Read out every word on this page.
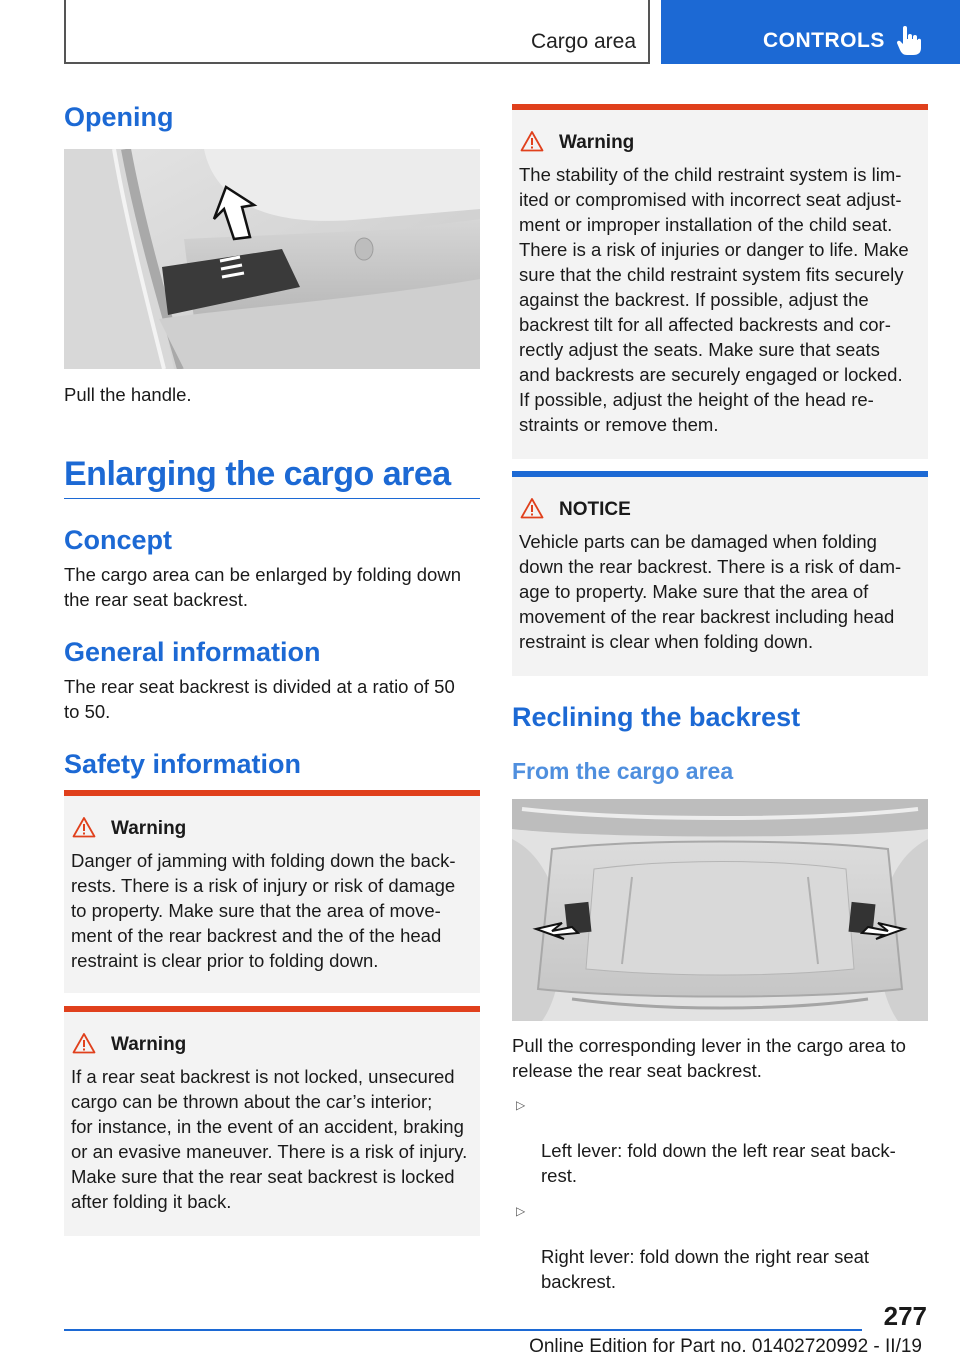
Cargo area	CONTROLS
Opening
Pull the handle.
Enlarging the cargo area
Concept
The cargo area can be enlarged by folding down
the rear seat backrest.
General information
The rear seat backrest is divided at a ratio of 50
to 50.
Safety information
Warning
Danger of jamming with folding down the back-
rests. There is a risk of injury or risk of damage
to property. Make sure that the area of move-
ment of the rear backrest and the of the head
restraint is clear prior to folding down.
Warning
If a rear seat backrest is not locked, unsecured
cargo can be thrown about the car’s interior;
for instance, in the event of an accident, braking
or an evasive maneuver. There is a risk of injury.
Make sure that the rear seat backrest is locked
after folding it back.
Warning
The stability of the child restraint system is lim-
ited or compromised with incorrect seat adjust-
ment or improper installation of the child seat.
There is a risk of injuries or danger to life. Make
sure that the child restraint system fits securely
against the backrest. If possible, adjust the
backrest tilt for all affected backrests and cor-
rectly adjust the seats. Make sure that seats
and backrests are securely engaged or locked.
If possible, adjust the height of the head re-
straints or remove them.
NOTICE
Vehicle parts can be damaged when folding
down the rear backrest. There is a risk of dam-
age to property. Make sure that the area of
movement of the rear backrest including head
restraint is clear when folding down.
Reclining the backrest
From the cargo area
Pull the corresponding lever in the cargo area to
release the rear seat backrest.

▷

Left lever: fold down the left rear seat back-
rest.

▷

Right lever: fold down the right rear seat
backrest.

277
Online Edition for Part no. 01402720992 - II/19
